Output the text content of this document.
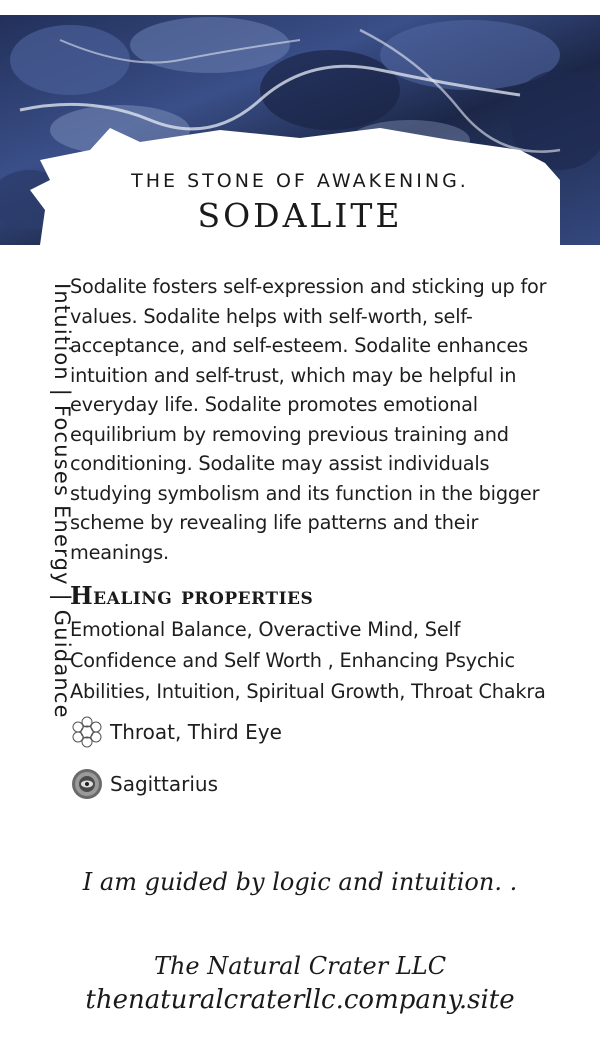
THE STONE OF AWAKENING.
SODALITE
Intuition | Focuses Energy | Guidance

Sodalite fosters self-expression and sticking up for values. Sodalite helps with self-worth, self-acceptance, and self-esteem. Sodalite enhances intuition and self-trust, which may be helpful in everyday life. Sodalite promotes emotional equilibrium by removing previous training and conditioning. Sodalite may assist individuals studying symbolism and its function in the bigger scheme by revealing life patterns and their meanings.

Healing properties

Emotional Balance, Overactive Mind, Self Confidence and Self Worth , Enhancing Psychic Abilities, Intuition, Spiritual Growth, Throat Chakra

Throat, Third Eye
Sagittarius
I am guided by logic and intuition. .
The Natural Crater LLC
thenaturalcraterllc.company.site
